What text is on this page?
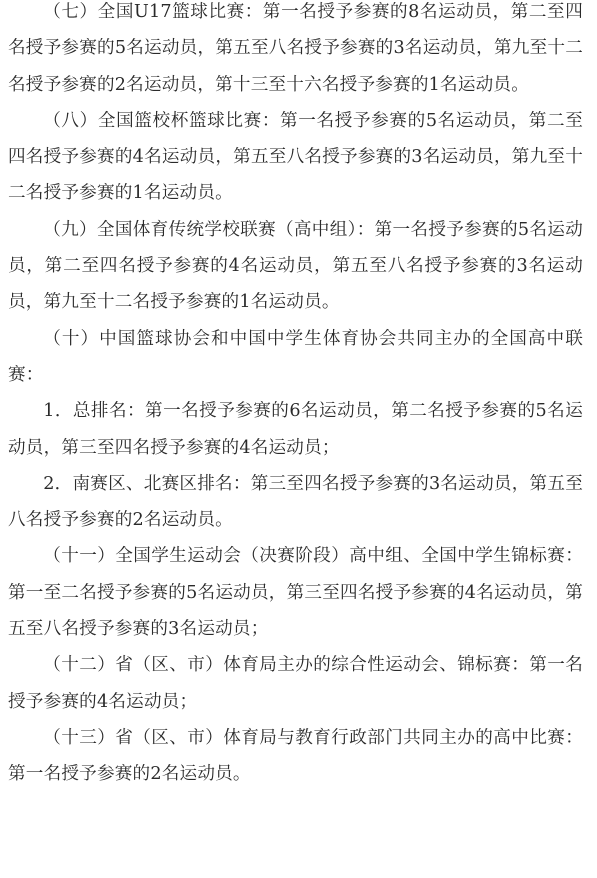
（七）全国U17篮球比赛：第一名授予参赛的8名运动员，第二至四名授予参赛的5名运动员，第五至八名授予参赛的3名运动员，第九至十二名授予参赛的2名运动员，第十三至十六名授予参赛的1名运动员。

（八）全国篮校杯篮球比赛：第一名授予参赛的5名运动员，第二至四名授予参赛的4名运动员，第五至八名授予参赛的3名运动员，第九至十二名授予参赛的1名运动员。

（九）全国体育传统学校联赛（高中组）：第一名授予参赛的5名运动员，第二至四名授予参赛的4名运动员，第五至八名授予参赛的3名运动员，第九至十二名授予参赛的1名运动员。

（十）中国篮球协会和中国中学生体育协会共同主办的全国高中联赛：

1．总排名：第一名授予参赛的6名运动员，第二名授予参赛的5名运动员，第三至四名授予参赛的4名运动员；

2．南赛区、北赛区排名：第三至四名授予参赛的3名运动员，第五至八名授予参赛的2名运动员。

（十一）全国学生运动会（决赛阶段）高中组、全国中学生锦标赛：第一至二名授予参赛的5名运动员，第三至四名授予参赛的4名运动员，第五至八名授予参赛的3名运动员；

（十二）省（区、市）体育局主办的综合性运动会、锦标赛：第一名授予参赛的4名运动员；

（十三）省（区、市）体育局与教育行政部门共同主办的高中比赛：第一名授予参赛的2名运动员。
